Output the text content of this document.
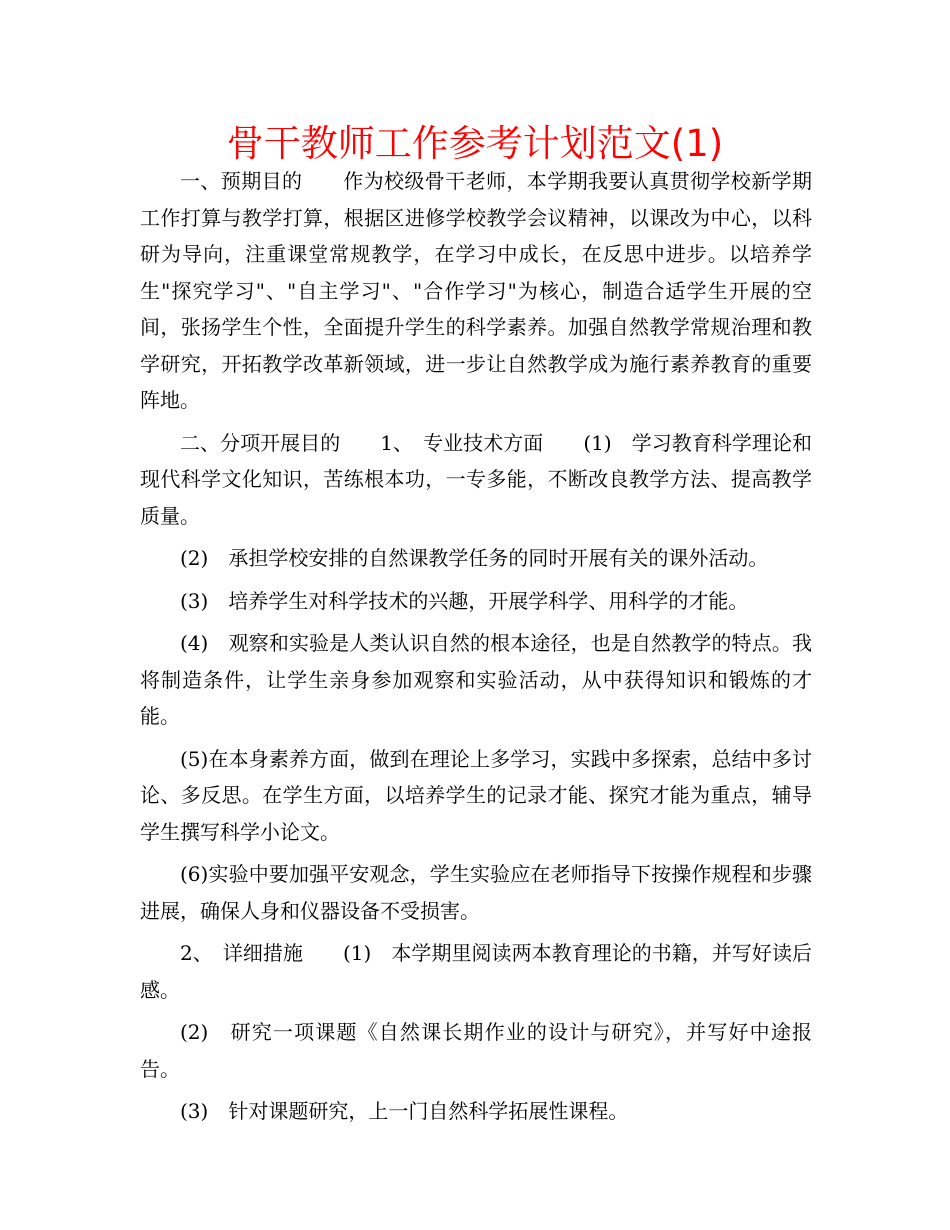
骨干教师工作参考计划范文(1)

一、预期目的　　作为校级骨干老师，本学期我要认真贯彻学校新学期工作打算与教学打算，根据区进修学校教学会议精神，以课改为中心，以科研为导向，注重课堂常规教学，在学习中成长，在反思中进步。以培养学生"探究学习"、"自主学习"、"合作学习"为核心，制造合适学生开展的空间，张扬学生个性，全面提升学生的科学素养。加强自然教学常规治理和教学研究，开拓教学改革新领域，进一步让自然教学成为施行素养教育的重要阵地。

二、分项开展目的　　1、　专业技术方面　　(1)　学习教育科学理论和现代科学文化知识，苦练根本功，一专多能，不断改良教学方法、提高教学质量。

(2)　承担学校安排的自然课教学任务的同时开展有关的课外活动。

(3)　培养学生对科学技术的兴趣，开展学科学、用科学的才能。

(4)　观察和实验是人类认识自然的根本途径，也是自然教学的特点。我将制造条件，让学生亲身参加观察和实验活动，从中获得知识和锻炼的才能。

(5)在本身素养方面，做到在理论上多学习，实践中多探索，总结中多讨论、多反思。在学生方面，以培养学生的记录才能、探究才能为重点，辅导学生撰写科学小论文。

(6)实验中要加强平安观念，学生实验应在老师指导下按操作规程和步骤进展，确保人身和仪器设备不受损害。

2、　详细措施　　(1)　本学期里阅读两本教育理论的书籍，并写好读后感。

(2)　研究一项课题《自然课长期作业的设计与研究》，并写好中途报告。

(3)　针对课题研究，上一门自然科学拓展性课程。
